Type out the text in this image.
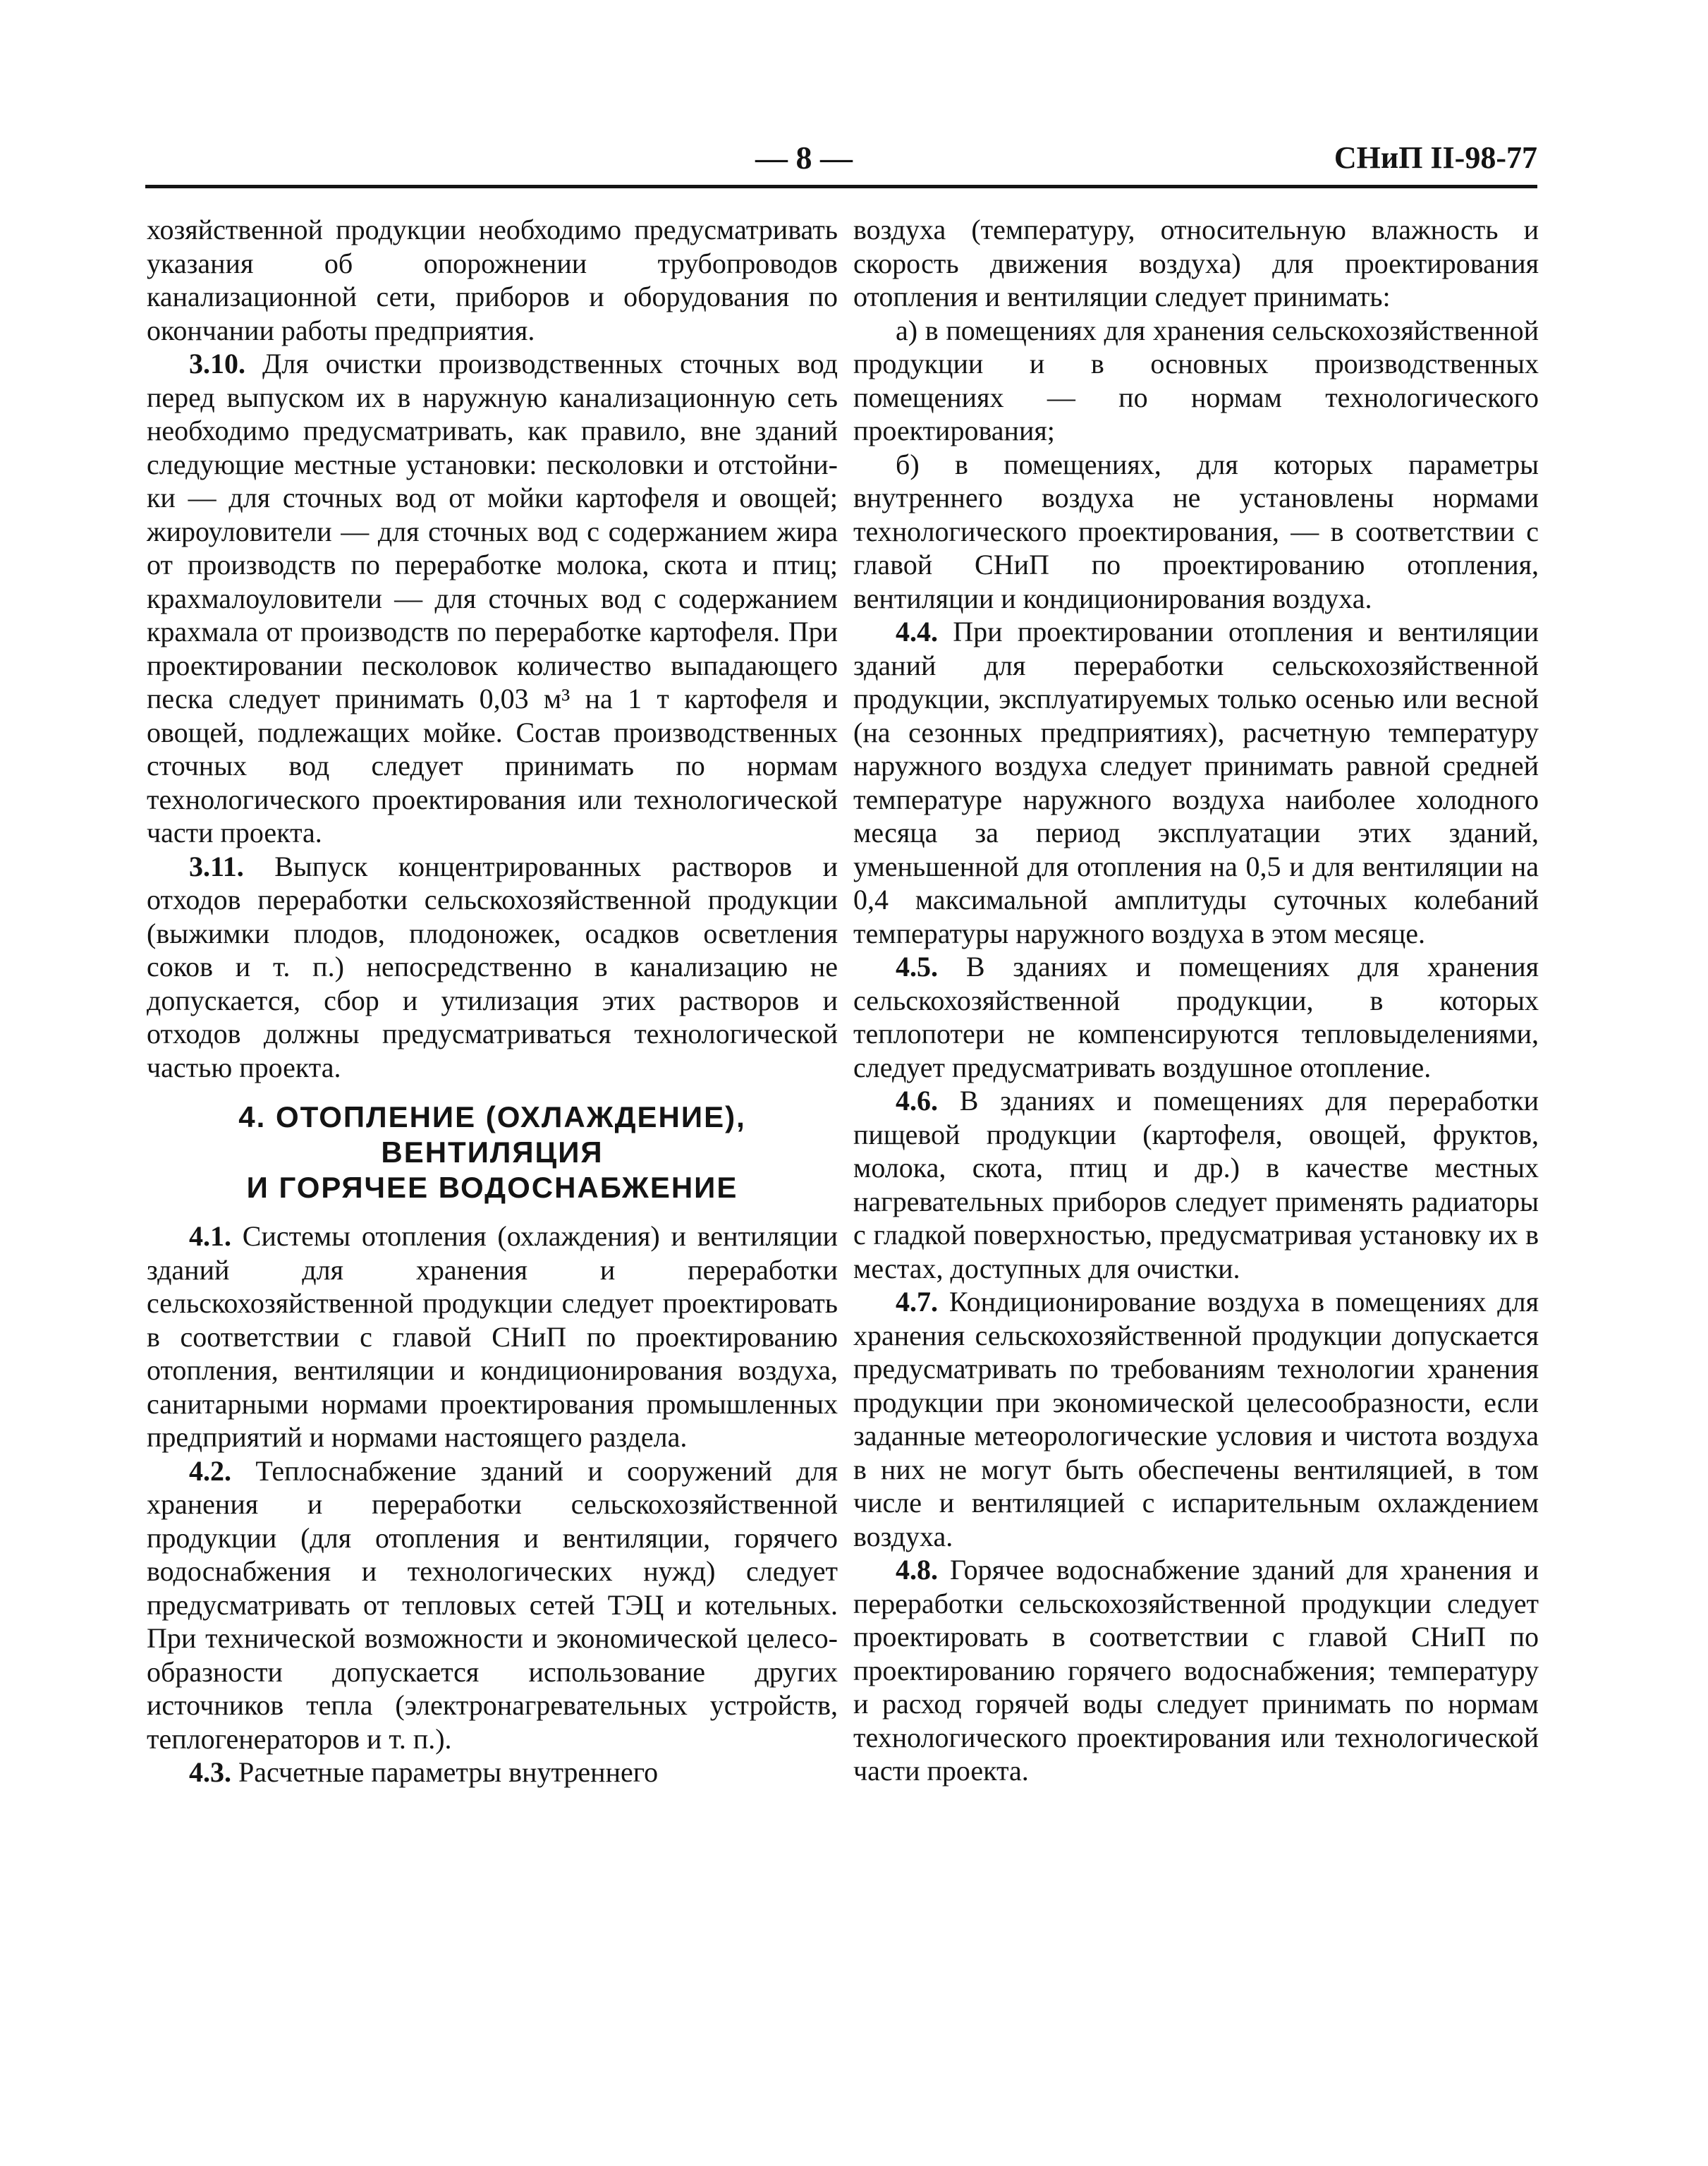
— 8 —	СНиП II-98-77

хозяйственной продукции необходимо предусматривать указания об опорожнении трубопроводов канализационной сети, приборов и оборудования по окончании работы предприятия.

3.10. Для очистки производственных сточных вод перед выпуском их в наружную канализационную сеть необходимо предусматривать, как правило, вне зданий следующие местные установки: песколовки и отстойники — для сточных вод от мойки картофеля и овощей; жироуловители — для сточных вод с содержанием жира от производств по переработке молока, скота и птиц; крахмалоуловители — для сточных вод с содержанием крахмала от производств по переработке картофеля. При проектировании песколовок количество выпадающего песка следует принимать 0,03 м³ на 1 т картофеля и овощей, подлежащих мойке. Состав производственных сточных вод следует принимать по нормам технологического проектирования или технологической части проекта.

3.11. Выпуск концентрированных растворов и отходов переработки сельскохозяйственной продукции (выжимки плодов, плодоножек, осадков осветления соков и т. п.) непосредственно в канализацию не допускается, сбор и утилизация этих растворов и отходов должны предусматриваться технологической частью проекта.

4. ОТОПЛЕНИЕ (ОХЛАЖДЕНИЕ),
ВЕНТИЛЯЦИЯ
И ГОРЯЧЕЕ ВОДОСНАБЖЕНИЕ

4.1. Системы отопления (охлаждения) и вентиляции зданий для хранения и переработки сельскохозяйственной продукции следует проектировать в соответствии с главой СНиП по проектированию отопления, вентиляции и кондиционирования воздуха, санитарными нормами проектирования промышленных предприятий и нормами настоящего раздела.

4.2. Теплоснабжение зданий и сооружений для хранения и переработки сельскохозяйственной продукции (для отопления и вентиляции, горячего водоснабжения и технологических нужд) следует предусматривать от тепловых сетей ТЭЦ и котельных. При технической возможности и экономической целесообразности допускается использование других источников тепла (электронагревательных устройств, теплогенераторов и т. п.).

4.3. Расчетные параметры внутреннего

воздуха (температуру, относительную влажность и скорость движения воздуха) для проектирования отопления и вентиляции следует принимать:

а) в помещениях для хранения сельскохозяйственной продукции и в основных производственных помещениях — по нормам технологического проектирования;

б) в помещениях, для которых параметры внутреннего воздуха не установлены нормами технологического проектирования, — в соответствии с главой СНиП по проектированию отопления, вентиляции и кондиционирования воздуха.

4.4. При проектировании отопления и вентиляции зданий для переработки сельскохозяйственной продукции, эксплуатируемых только осенью или весной (на сезонных предприятиях), расчетную температуру наружного воздуха следует принимать равной средней температуре наружного воздуха наиболее холодного месяца за период эксплуатации этих зданий, уменьшенной для отопления на 0,5 и для вентиляции на 0,4 максимальной амплитуды суточных колебаний температуры наружного воздуха в этом месяце.

4.5. В зданиях и помещениях для хранения сельскохозяйственной продукции, в которых теплопотери не компенсируются тепловыделениями, следует предусматривать воздушное отопление.

4.6. В зданиях и помещениях для переработки пищевой продукции (картофеля, овощей, фруктов, молока, скота, птиц и др.) в качестве местных нагревательных приборов следует применять радиаторы с гладкой поверхностью, предусматривая установку их в местах, доступных для очистки.

4.7. Кондиционирование воздуха в помещениях для хранения сельскохозяйственной продукции допускается предусматривать по требованиям технологии хранения продукции при экономической целесообразности, если заданные метеорологические условия и чистота воздуха в них не могут быть обеспечены вентиляцией, в том числе и вентиляцией с испарительным охлаждением воздуха.

4.8. Горячее водоснабжение зданий для хранения и переработки сельскохозяйственной продукции следует проектировать в соответствии с главой СНиП по проектированию горячего водоснабжения; температуру и расход горячей воды следует принимать по нормам технологического проектирования или технологической части проекта.
